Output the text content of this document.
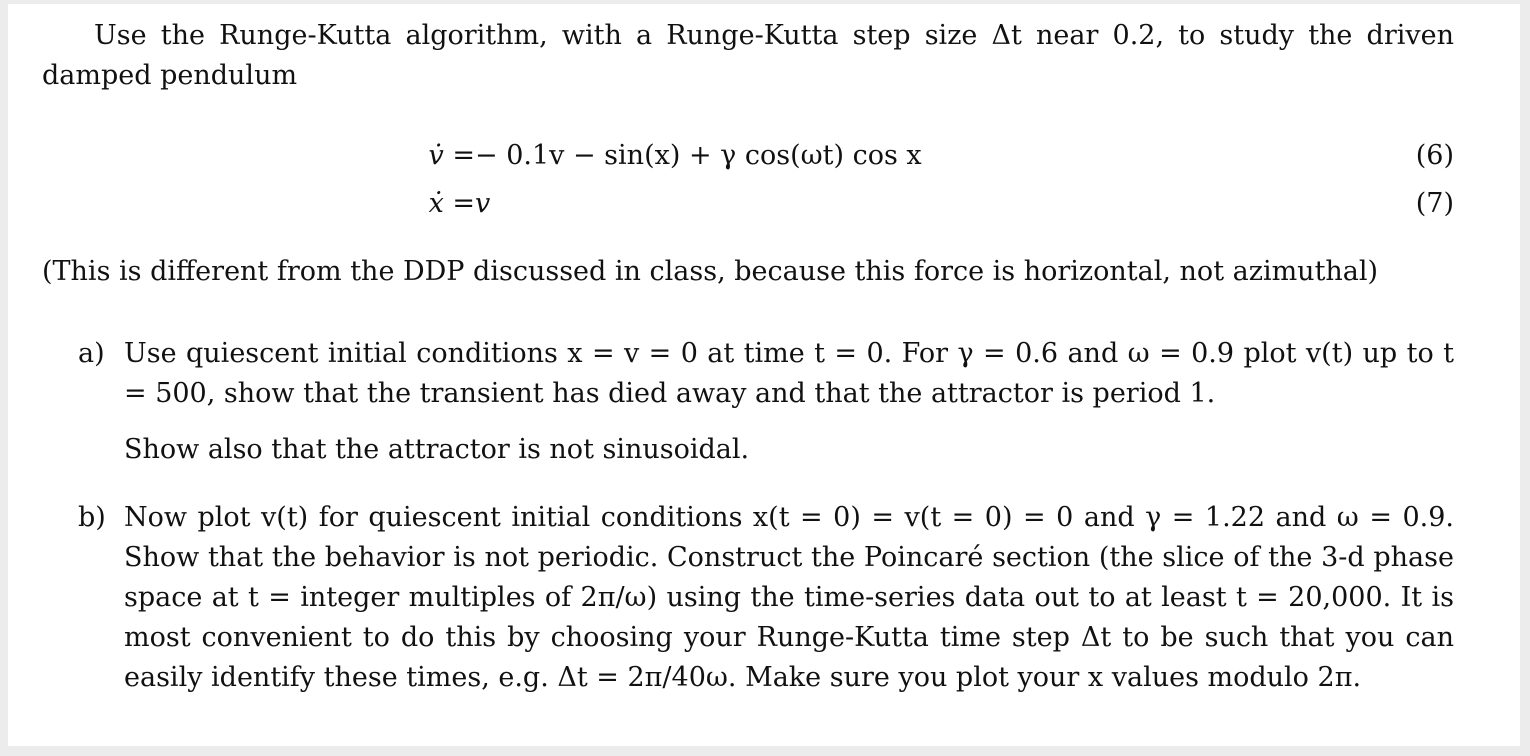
Use the Runge-Kutta algorithm, with a Runge-Kutta step size Δt near 0.2, to study the driven damped pendulum

v̇ = − 0.1v − sin(x) + γ cos(ωt) cos x	(6)
ẋ = v	(7)

(This is different from the DDP discussed in class, because this force is horizontal, not azimuthal)

a) Use quiescent initial conditions x = v = 0 at time t = 0. For γ = 0.6 and ω = 0.9 plot v(t) up to t = 500, show that the transient has died away and that the attractor is period 1.
Show also that the attractor is not sinusoidal.
b) Now plot v(t) for quiescent initial conditions x(t = 0) = v(t = 0) = 0 and γ = 1.22 and ω = 0.9. Show that the behavior is not periodic. Construct the Poincaré section (the slice of the 3-d phase space at t = integer multiples of 2π/ω) using the time-series data out to at least t = 20,000. It is most convenient to do this by choosing your Runge-Kutta time step Δt to be such that you can easily identify these times, e.g. Δt = 2π/40ω. Make sure you plot your x values modulo 2π.
